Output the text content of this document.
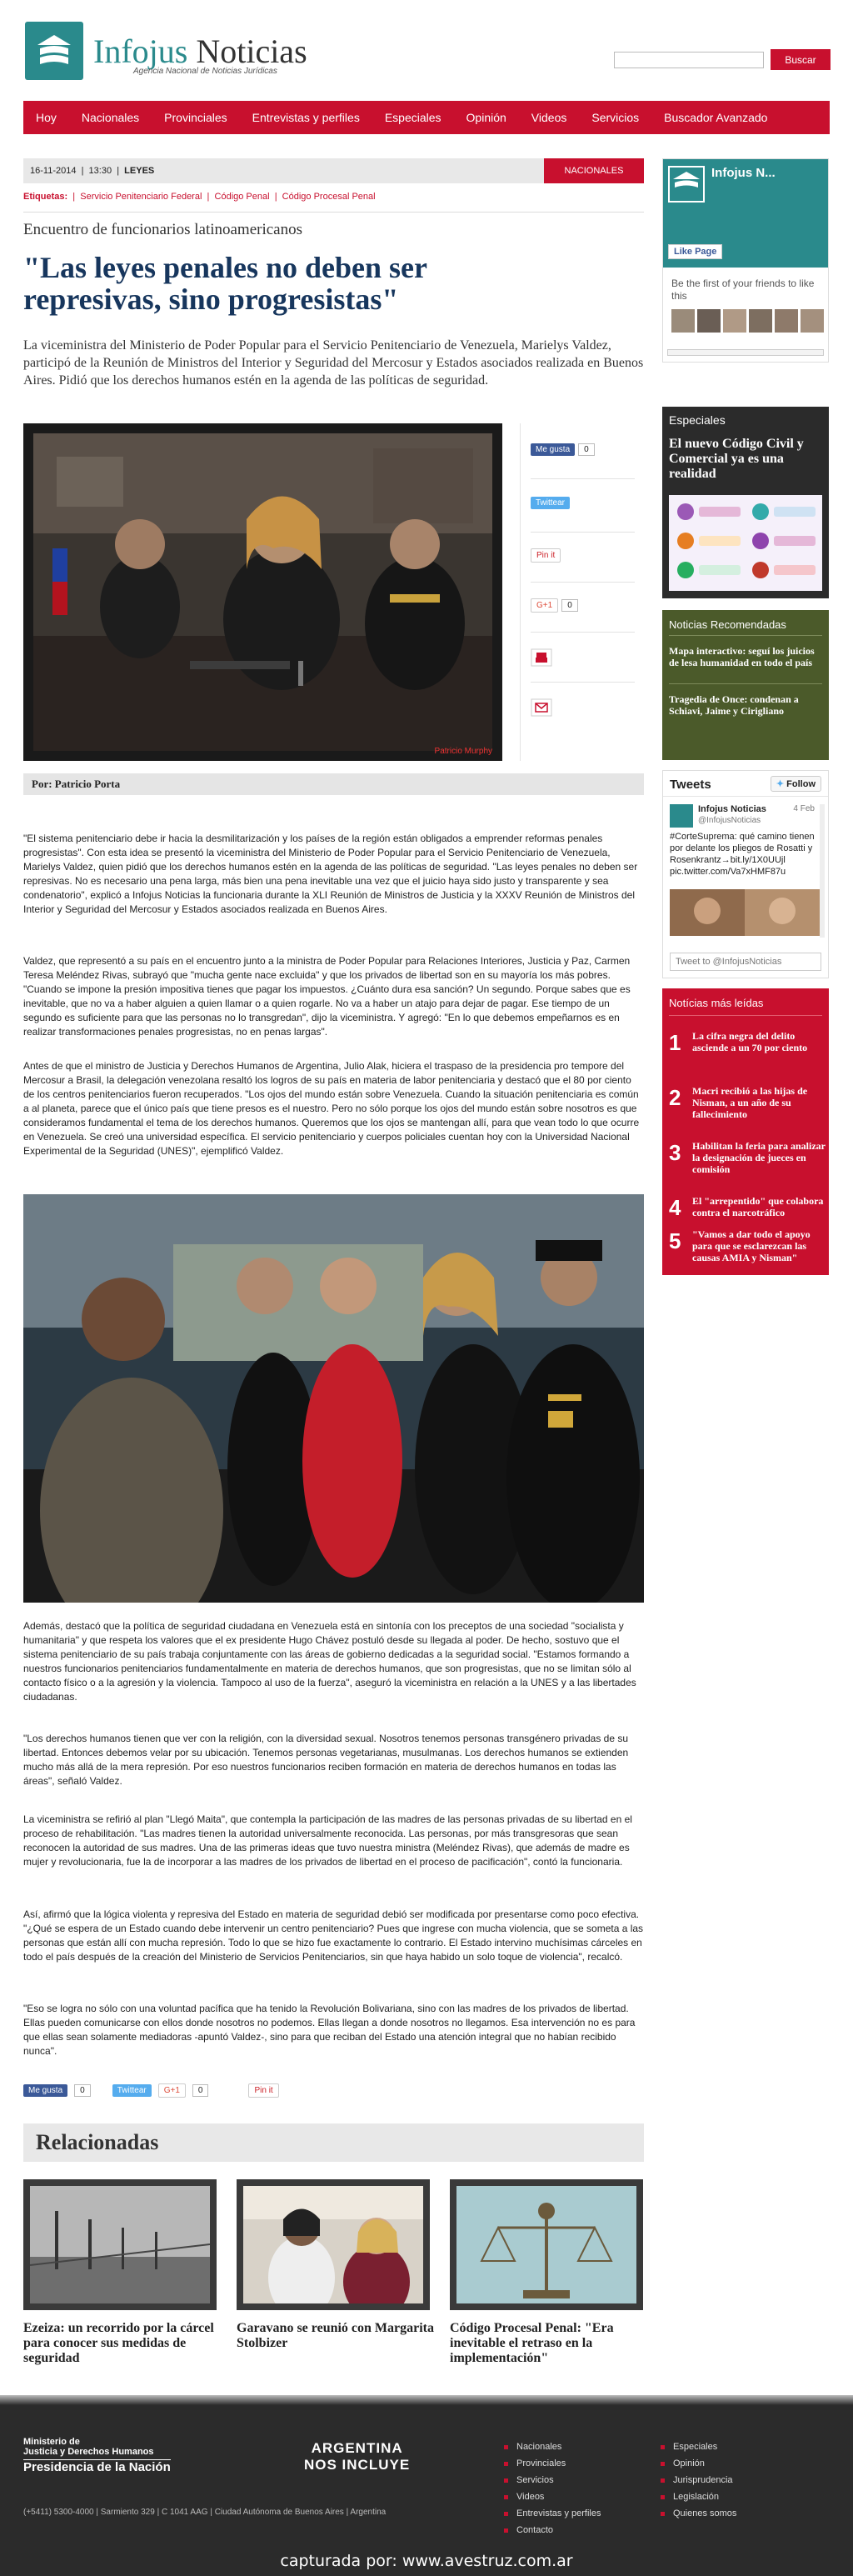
Infojus Noticias
Agencia Nacional de Noticias Jurídicas
Buscar
Hoy	Nacionales	Provinciales	Entrevistas y perfiles	Especiales	Opinión	Videos	Servicios	Buscador Avanzado
16-11-2014  |  13:30  |  LEYES	NACIONALES
Etiquetas:  |  Servicio Penitenciario Federal  |  Código Penal  |  Código Procesal Penal
Encuentro de funcionarios latinoamericanos
"Las leyes penales no deben ser represivas, sino progresistas"

La viceministra del Ministerio de Poder Popular para el Servicio Penitenciario de Venezuela, Marielys Valdez, participó de la Reunión de Ministros del Interior y Seguridad del Mercosur y Estados asociados realizada en Buenos Aires. Pidió que los derechos humanos estén en la agenda de las políticas de seguridad.

Patricio Murphy
Me gusta	0
Twittear
Pin it
G+1	0
Por: Patricio Porta

"El sistema penitenciario debe ir hacia la desmilitarización y los países de la región están obligados a emprender reformas penales progresistas". Con esta idea se presentó la viceministra del Ministerio de Poder Popular para el Servicio Penitenciario de Venezuela, Marielys Valdez, quien pidió que los derechos humanos estén en la agenda de las políticas de seguridad. "Las leyes penales no deben ser represivas. No es necesario una pena larga, más bien una pena inevitable una vez que el juicio haya sido justo y transparente y sea condenatorio", explicó a Infojus Noticias la funcionaria durante la XLI Reunión de Ministros de Justicia y la XXXV Reunión de Ministros del Interior y Seguridad del Mercosur y Estados asociados realizada en Buenos Aires.

Valdez, que representó a su país en el encuentro junto a la ministra de Poder Popular para Relaciones Interiores, Justicia y Paz, Carmen Teresa Meléndez Rivas, subrayó que "mucha gente nace excluida" y que los privados de libertad son en su mayoría los más pobres. "Cuando se impone la presión impositiva tienes que pagar los impuestos. ¿Cuánto dura esa sanción? Un segundo. Porque sabes que es inevitable, que no va a haber alguien a quien llamar o a quien rogarle. No va a haber un atajo para dejar de pagar. Ese tiempo de un segundo es suficiente para que las personas no lo transgredan", dijo la viceministra. Y agregó: "En lo que debemos empeñarnos es en realizar transformaciones penales progresistas, no en penas largas".

Antes de que el ministro de Justicia y Derechos Humanos de Argentina, Julio Alak, hiciera el traspaso de la presidencia pro tempore del Mercosur a Brasil, la delegación venezolana resaltó los logros de su país en materia de labor penitenciaria y destacó que el 80 por ciento de los centros penitenciarios fueron recuperados. "Los ojos del mundo están sobre Venezuela. Cuando la situación penitenciaria es común a al planeta, parece que el único país que tiene presos es el nuestro. Pero no sólo porque los ojos del mundo están sobre nosotros es que consideramos fundamental el tema de los derechos humanos. Queremos que los ojos se mantengan allí, para que vean todo lo que ocurre en Venezuela. Se creó una universidad específica. El servicio penitenciario y cuerpos policiales cuentan hoy con la Universidad Nacional Experimental de la Seguridad (UNES)", ejemplificó Valdez.

Además, destacó que la política de seguridad ciudadana en Venezuela está en sintonía con los preceptos de una sociedad "socialista y humanitaria" y que respeta los valores que el ex presidente Hugo Chávez postuló desde su llegada al poder. De hecho, sostuvo que el sistema penitenciario de su país trabaja conjuntamente con las áreas de gobierno dedicadas a la seguridad social. "Estamos formando a nuestros funcionarios penitenciarios fundamentalmente en materia de derechos humanos, que son progresistas, que no se limitan sólo al contacto físico o a la agresión y la violencia. Tampoco al uso de la fuerza", aseguró la viceministra en relación a la UNES y a las libertades ciudadanas.

"Los derechos humanos tienen que ver con la religión, con la diversidad sexual. Nosotros tenemos personas transgénero privadas de su libertad. Entonces debemos velar por su ubicación. Tenemos personas vegetarianas, musulmanas. Los derechos humanos se extienden mucho más allá de la mera represión. Por eso nuestros funcionarios reciben formación en materia de derechos humanos en todas las áreas", señaló Valdez.

La viceministra se refirió al plan "Llegó Maita", que contempla la participación de las madres de las personas privadas de su libertad en el proceso de rehabilitación. "Las madres tienen la autoridad universalmente reconocida. Las personas, por más transgresoras que sean reconocen la autoridad de sus madres. Una de las primeras ideas que tuvo nuestra ministra (Meléndez Rivas), que además de madre es mujer y revolucionaria, fue la de incorporar a las madres de los privados de libertad en el proceso de pacificación", contó la funcionaria.

Así, afirmó que la lógica violenta y represiva del Estado en materia de seguridad debió ser modificada por presentarse como poco efectiva. "¿Qué se espera de un Estado cuando debe intervenir un centro penitenciario? Pues que ingrese con mucha violencia, que se someta a las personas que están allí con mucha represión. Todo lo que se hizo fue exactamente lo contrario. El Estado intervino muchísimas cárceles en todo el país después de la creación del Ministerio de Servicios Penitenciarios, sin que haya habido un solo toque de violencia", recalcó.

"Eso se logra no sólo con una voluntad pacífica que ha tenido la Revolución Bolivariana, sino con las madres de los privados de libertad. Ellas pueden comunicarse con ellos donde nosotros no podemos. Ellas llegan a donde nosotros no llegamos. Esa intervención no es para que ellas sean solamente mediadoras -apuntó Valdez-, sino para que reciban del Estado una atención integral que no habían recibido nunca".

Me gusta	0	Twittear	G+1	0	Pin it
Relacionadas
Ezeiza: un recorrido por la cárcel para conocer sus medidas de seguridad
Garavano se reunió con Margarita Stolbizer
Código Procesal Penal: "Era inevitable el retraso en la implementación"
Infojus N...
Like Page
Be the first of your friends to like this
Especiales
El nuevo Código Civil y Comercial ya es una realidad
Noticias Recomendadas
Mapa interactivo: seguí los juicios de lesa humanidad en todo el país
Tragedia de Once: condenan a Schiavi, Jaime y Cirigliano
Tweets	✦ Follow
Infojus Noticias
@InfojusNoticias
4 Feb
#CorteSuprema: qué camino tienen por delante los pliegos de Rosatti y Rosenkrantz→bit.ly/1X0UUjl pic.twitter.com/Va7xHMF87u
Tweet to @InfojusNoticias
Notícias más leídas
1 La cifra negra del delito asciende a un 70 por ciento
2 Macri recibió a las hijas de Nisman, a un año de su fallecimiento
3 Habilitan la feria para analizar la designación de jueces en comisión
4 El "arrepentido" que colabora contra el narcotráfico
5 "Vamos a dar todo el apoyo para que se esclarezcan las causas AMIA y Nisman"
Ministerio de
Justicia y Derechos Humanos
Presidencia de la Nación
ARGENTINA
NOS INCLUYE
(+5411) 5300-4000 | Sarmiento 329 | C 1041 AAG | Ciudad Autónoma de Buenos Aires | Argentina
Nacionales
Provinciales
Servicios
Videos
Entrevistas y perfiles
Contacto
Especiales
Opinión
Jurisprudencia
Legislación
Quienes somos
capturada por: www.avestruz.com.ar
